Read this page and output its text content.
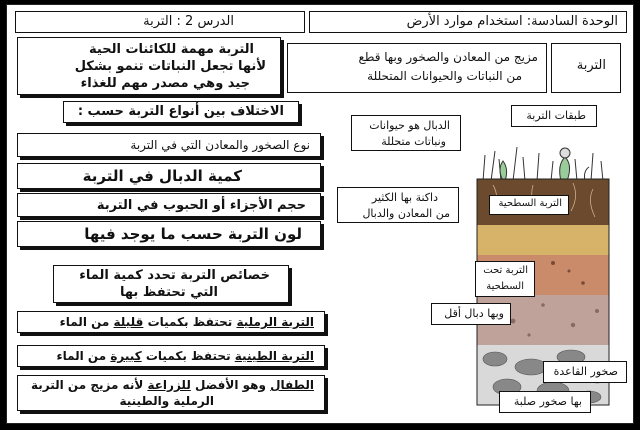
الوحدة السادسة: استخدام موارد الأرض
الدرس 2 : التربة
التربة
مزيج من المعادن والصخور وبها قطع
من النباتات والحيوانات المتحللة
التربة مهمة للكائنات الحية
لأنها تجعل النباتات تنمو بشكل
جيد وهي مصدر مهم للغذاء
الاختلاف بين أنواع التربة حسب :
نوع الصخور والمعادن التي في التربة
كمية الدبال في التربة
حجم الأجزاء أو الحبوب في التربة
لون التربة حسب ما يوجد فيها
خصائص التربة تحدد كمية الماء
التي تحتفظ بها
التربة الرملية تحتفظ بكميات قليلة من الماء
التربة الطينية تحتفظ بكميات كبيرة من الماء
الطفال وهو الأفضل للزراعة لأنه مزيج من التربة
الرملية والطينية
طبقات التربة
الدبال هو حيوانات
ونباتات متحللة
التربة السطحية
داكنة بها الكثير
من المعادن والدبال
التربة تحت
السطحية
وبها دبال أقل
صخور القاعدة
بها صخور صلبة
